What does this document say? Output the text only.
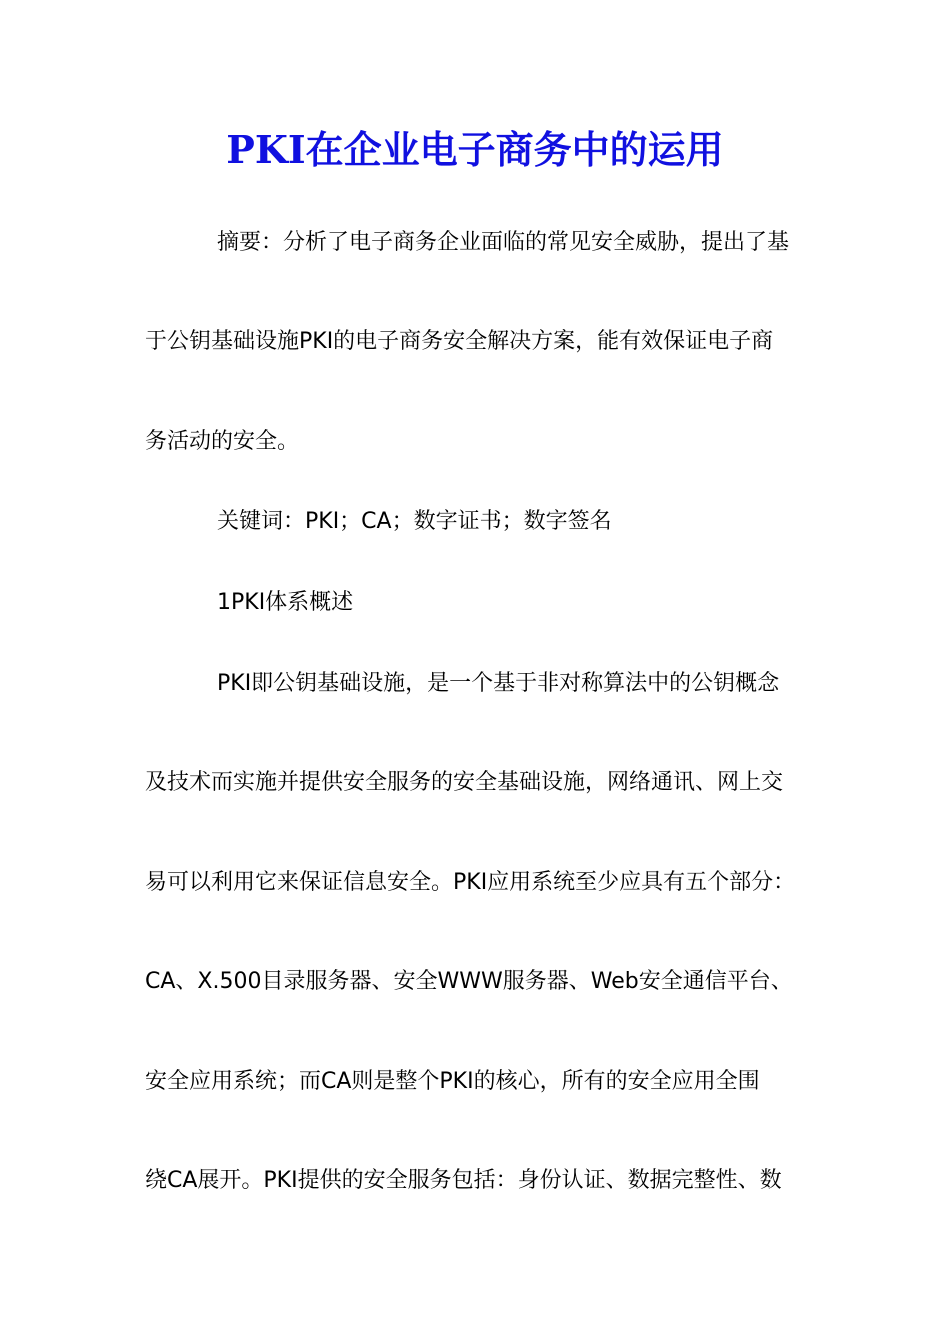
PKI在企业电子商务中的运用
摘要：分析了电子商务企业面临的常见安全威胁，提出了基
于公钥基础设施PKI的电子商务安全解决方案，能有效保证电子商
务活动的安全。
关键词：PKI；CA；数字证书；数字签名
1PKI体系概述
PKI即公钥基础设施，是一个基于非对称算法中的公钥概念
及技术而实施并提供安全服务的安全基础设施，网络通讯、网上交
易可以利用它来保证信息安全。PKI应用系统至少应具有五个部分：
CA、X.500目录服务器、安全WWW服务器、Web安全通信平台、
安全应用系统；而CA则是整个PKI的核心，所有的安全应用全围
绕CA展开。PKI提供的安全服务包括：身份认证、数据完整性、数
